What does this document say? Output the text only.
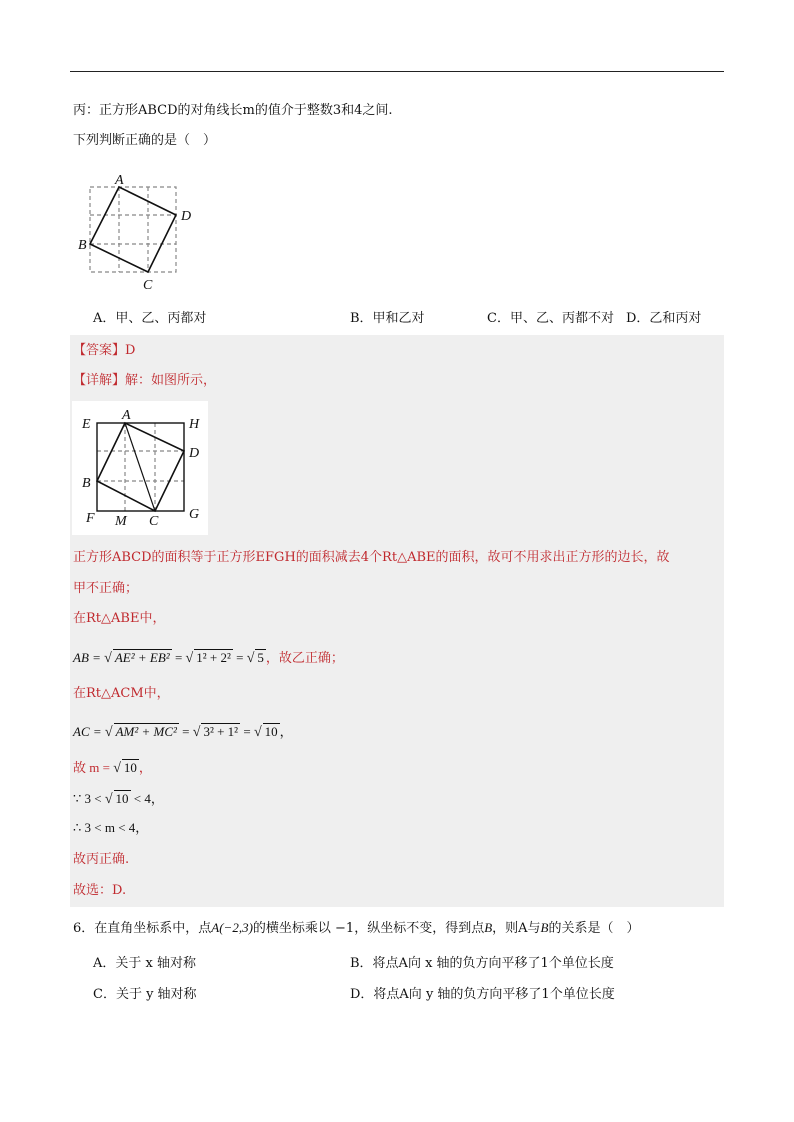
丙：正方形ABCD的对角线长m的值介于整数3和4之间.
下列判断正确的是（　）
A
D
B
C
A．甲、乙、丙都对	B．甲和乙对	C．甲、乙、丙都不对 D．乙和丙对
【答案】D
【详解】解：如图所示，
E
A
H
D
B
F M C G
正方形ABCD的面积等于正方形EFGH的面积减去4个Rt△ABE的面积，故可不用求出正方形的边长，故
甲不正确；
在Rt△ABE中，
AB = √ AE² + EB² = √ 1² + 2² = √ 5 ，故乙正确；
在Rt△ACM中，
AC = √ AM² + MC² = √ 3² + 1² = √ 10 ，
故 m = √ 10 ，
∵ 3 < √ 10 < 4，
∴ 3 < m < 4，
故丙正确.
故选：D.
6．在直角坐标系中，点A(−2,3)的横坐标乘以 −1，纵坐标不变，得到点B，则A与B的关系是（　）
A．关于 x 轴对称	B．将点A向 x 轴的负方向平移了1个单位长度
C．关于 y 轴对称	D．将点A向 y 轴的负方向平移了1个单位长度
